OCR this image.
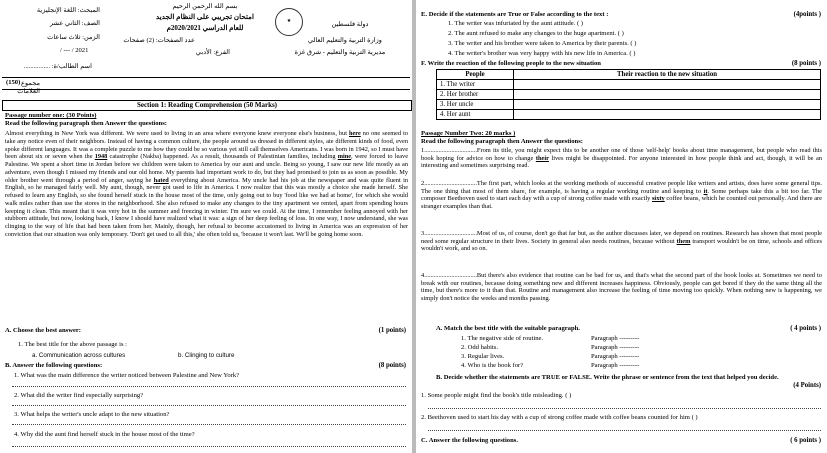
بسم الله الرحمن الرحيم
امتحان تجريبي على النظام الجديد
للعام الدراسي 2020/2021م
عدد الصفحات: (2) صفحات
الفرع: الأدبي
★	دولة فلسطين
وزارة التربية والتعليم العالي
مديرية التربية والتعليم - شرق غزة
المبحث: اللغة الإنجليزية
الصف: الثاني عشر
الزمن: ثلاث ساعات
/ --- / 2021
اسم الطالب/ة: ................
مجموع العلامات
(150)
Section 1: Reading Comprehension (50 Marks)
Passage number one: (30 Points)
Read the following paragraph then Answer the questions:
Almost everything in New York was different. We were used to living in an area where everyone knew everyone else's business, but here no one seemed to take any notice even of their neighbors. Instead of having a common culture, the people around us dressed in different styles, ate different kinds of food, even spoke different languages. It was a complete puzzle to me how they could be so various yet still call themselves Americans. I was born in 1942, so I must have been about six or seven when the 1948 catastrophe (Nakba) happened. As a result, thousands of Palestinian families, including mine, were forced to leave Palestine. We spent a short time in Jordan before we children were taken to America by our aunt and uncle. Being so young, I saw our new life mostly as an adventure, even though I missed my friends and our old home. My parents had important work to do, but they had promised to join us as soon as possible. My older brother went through a period of anger, saying he hated everything about America. My uncle had his job at the newspaper and was quite fluent in English, so he managed fairly well. My aunt, though, never got used to life in America. I now realize that this was mostly a choice she made herself. She refused to learn any English, so she found herself stuck in the house most of the time, only going out to buy 'food like we had at home', for which she would walk miles rather than use the stores in the neighborhood. She also refused to make any changes to the tiny apartment we rented, apart from spending hours keeping it clean. This meant that it was very hot in the summer and freezing in winter. I'm sure we could. At the time, I remember feeling annoyed with her stubborn attitude, but now, looking back, I know I should have realized what it was: a sign of her deep feeling of loss. In one way, I now understand, she was clinging to the way of life that had been taken from her. Mainly, though, her refusal to become accustomed to living in America was an expression of her conviction that our situation was only temporary. 'Don't get used to all this,' she often told us, 'because it won't last. We'll be going home soon.
A. Choose the best answer:	(1 points)
1. The best title for the above passage is :
a. Communication across cultures	b. Clinging to culture
B. Answer the following questions:	(8 points)
1. What was the main difference the writer noticed between Palestine and New York?
2. What did the writer find especially surprising?
3. What helps the writer's uncle adapt to the new situation?
4. Why did the aunt find herself stuck in the house most of the time?
E. Decide if the statements are True or False according to the text :	(4points )
1. The writer was infuriated by the aunt attitude. ( )
2. The aunt refused to make any changes to the huge apartment. ( )
3. The writer and his brother were taken to America by their parents. ( )
4. The writer's brother was very happy with his new life in America. ( )
F. Write the reaction of the following people to the new situation	(8 points )
People	Their reaction to the new situation
1. The writer	
2. Her brother	
3. Her uncle	
4. Her aunt	
Passage Number Two: 20 marks )
Read the following paragraph then Answer the questions:
1.................................From its title, you might expect this to be another one of those 'self-help' books about time management, but people who read this book hoping for advice on how to change their lives might be disappointed. For anyone interested in how people think and act, though, it will be an interesting and sometimes surprising read.
2.................................The first part, which looks at the working methods of successful creative people like writers and artists, does have some general tips. The one thing that most of them share, for example, is having a regular working routine and keeping to it. Some perhaps take this a bit too far. The composer Beethoven used to start each day with a cup of strong coffee made with exactly sixty coffee beans, which he counted out personally. And there are stranger examples than that.
3.................................Most of us, of course, don't go that far but, as the author discusses later, we depend on routines. Research has shown that most people need some regular structure in their lives. Society in general also needs routines, because without them transport wouldn't be on time, schools and offices wouldn't work, and so on.
4.................................But there's also evidence that routine can be bad for us, and that's what the second part of the book looks at. Sometimes we need to break with our routines, because doing something new and different increases happiness. Obviously, people can get bored if they do the same thing all the time, but there's more to it than that. Routine and management also increase the feeling of time moving too quickly. When nothing new is happening, we simply don't notice the weeks and months passing.
A. Match the best title with the suitable paragraph.	( 4 points )
1. The negative side of routine.	Paragraph ---------
2. Odd habits.	Paragraph ---------
3. Regular lives.	Paragraph ---------
4. Who is the book for?	Paragraph ---------
B. Decide whether the statements are TRUE or FALSE. Write the phrase or sentence from the text that helped you decide.
(4 Points)
1. Some people might find the book's title misleading. ( )
2. Beethoven used to start his day with a cup of strong coffee made with coffee beans counted for him ( )
C. Answer the following questions.	( 6 points )
